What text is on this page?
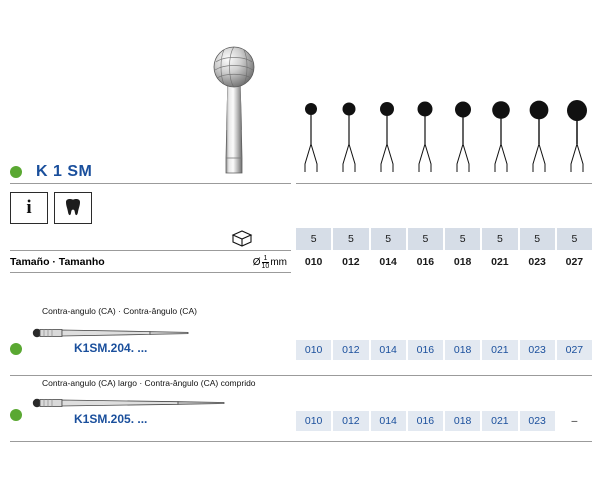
K 1 SM
i
5	5	5	5	5	5	5	5
Tamaño · Tamanho	Ø $\frac{1}{10}$ mm	010	012	014	016	018	021	023	027
Contra-angulo (CA) · Contra-ângulo (CA)
K1SM.204. ...	010	012	014	016	018	021	023	027
Contra-angulo (CA) largo · Contra-ângulo (CA) comprido
K1SM.205. ...	010	012	014	016	018	021	023	–
